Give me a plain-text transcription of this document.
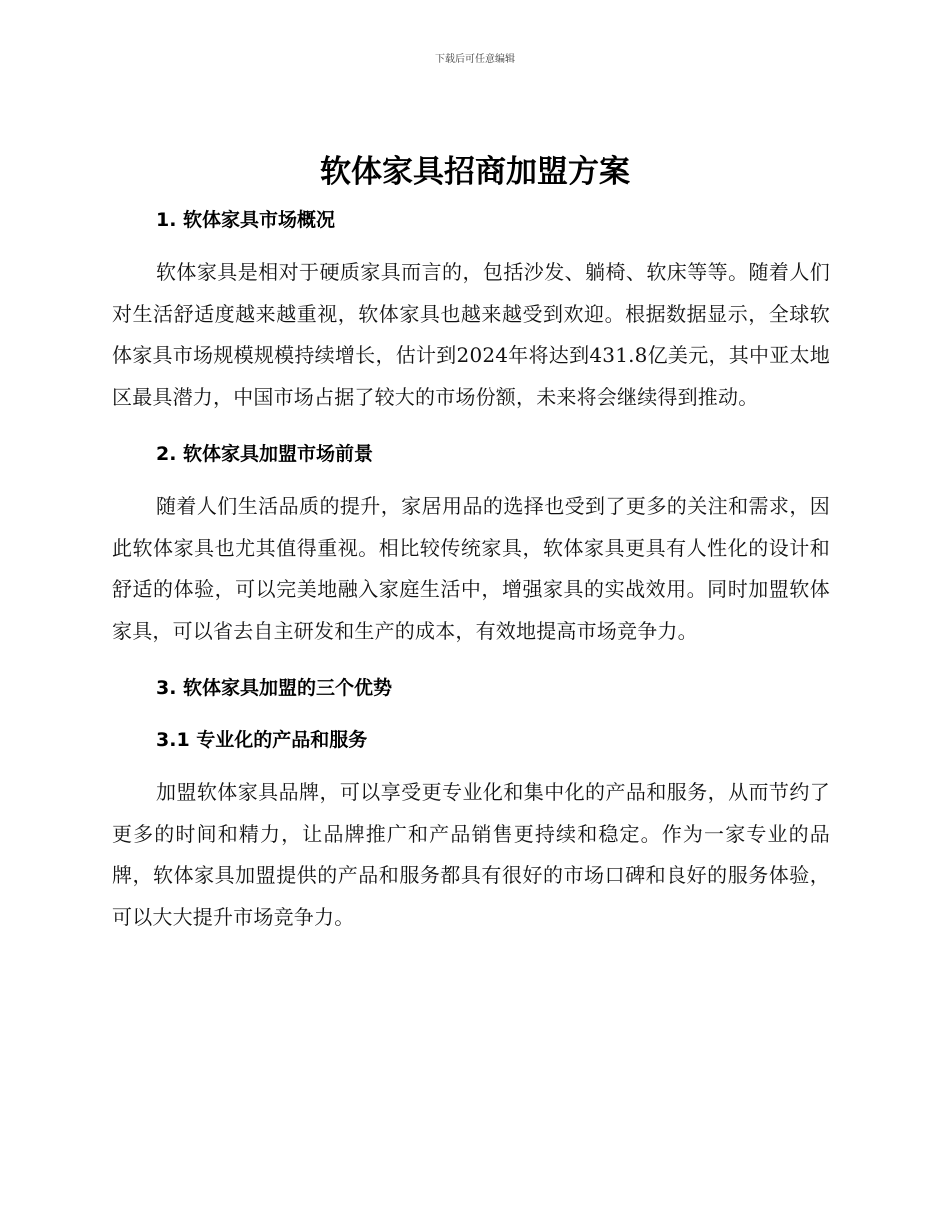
下载后可任意编辑
软体家具招商加盟方案
1. 软体家具市场概况

软体家具是相对于硬质家具而言的，包括沙发、躺椅、软床等等。随着人们对生活舒适度越来越重视，软体家具也越来越受到欢迎。根据数据显示，全球软体家具市场规模规模持续增长，估计到2024年将达到431.8亿美元，其中亚太地区最具潜力，中国市场占据了较大的市场份额，未来将会继续得到推动。

2. 软体家具加盟市场前景

随着人们生活品质的提升，家居用品的选择也受到了更多的关注和需求，因此软体家具也尤其值得重视。相比较传统家具，软体家具更具有人性化的设计和舒适的体验，可以完美地融入家庭生活中，增强家具的实战效用。同时加盟软体家具，可以省去自主研发和生产的成本，有效地提高市场竞争力。

3. 软体家具加盟的三个优势
3.1 专业化的产品和服务

加盟软体家具品牌，可以享受更专业化和集中化的产品和服务，从而节约了更多的时间和精力，让品牌推广和产品销售更持续和稳定。作为一家专业的品牌，软体家具加盟提供的产品和服务都具有很好的市场口碑和良好的服务体验，可以大大提升市场竞争力。
